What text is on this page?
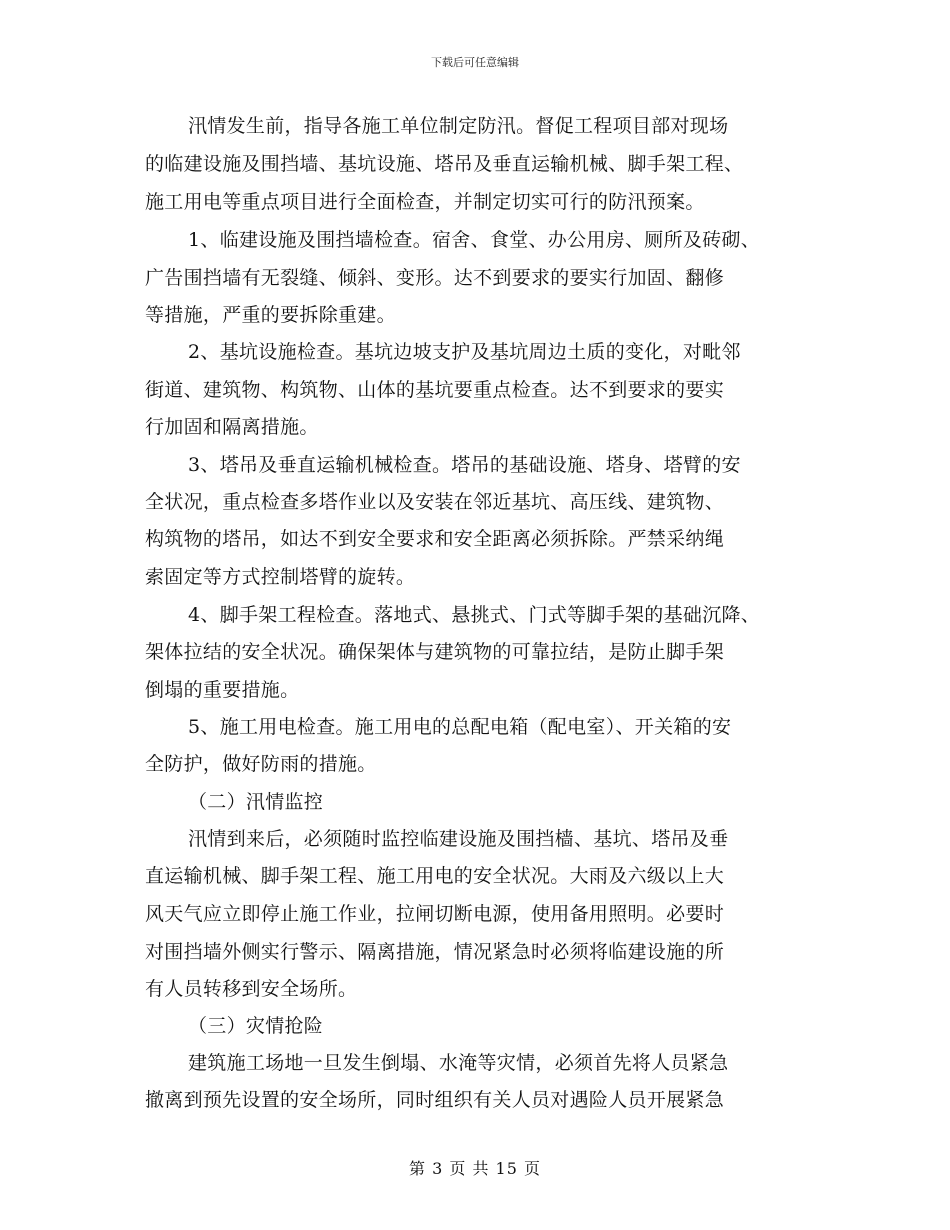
下载后可任意编辑
汛情发生前，指导各施工单位制定防汛。督促工程项目部对现场
的临建设施及围挡墙、基坑设施、塔吊及垂直运输机械、脚手架工程、
施工用电等重点项目进行全面检查，并制定切实可行的防汛预案。
1、临建设施及围挡墙检查。宿舍、食堂、办公用房、厕所及砖砌、
广告围挡墙有无裂缝、倾斜、变形。达不到要求的要实行加固、翻修
等措施，严重的要拆除重建。
2、基坑设施检查。基坑边坡支护及基坑周边土质的变化，对毗邻
街道、建筑物、构筑物、山体的基坑要重点检查。达不到要求的要实
行加固和隔离措施。
3、塔吊及垂直运输机械检查。塔吊的基础设施、塔身、塔臂的安
全状况，重点检查多塔作业以及安装在邻近基坑、高压线、建筑物、
构筑物的塔吊，如达不到安全要求和安全距离必须拆除。严禁采纳绳
索固定等方式控制塔臂的旋转。
4、脚手架工程检查。落地式、悬挑式、门式等脚手架的基础沉降、
架体拉结的安全状况。确保架体与建筑物的可靠拉结，是防止脚手架
倒塌的重要措施。
5、施工用电检查。施工用电的总配电箱（配电室）、开关箱的安
全防护，做好防雨的措施。
（二）汛情监控
汛情到来后，必须随时监控临建设施及围挡樯、基坑、塔吊及垂
直运输机械、脚手架工程、施工用电的安全状况。大雨及六级以上大
风天气应立即停止施工作业，拉闸切断电源，使用备用照明。必要时
对围挡墙外侧实行警示、隔离措施，情况紧急时必须将临建设施的所
有人员转移到安全场所。
（三）灾情抢险
建筑施工场地一旦发生倒塌、水淹等灾情，必须首先将人员紧急
撤离到预先设置的安全场所，同时组织有关人员对遇险人员开展紧急
第 3 页 共 15 页
